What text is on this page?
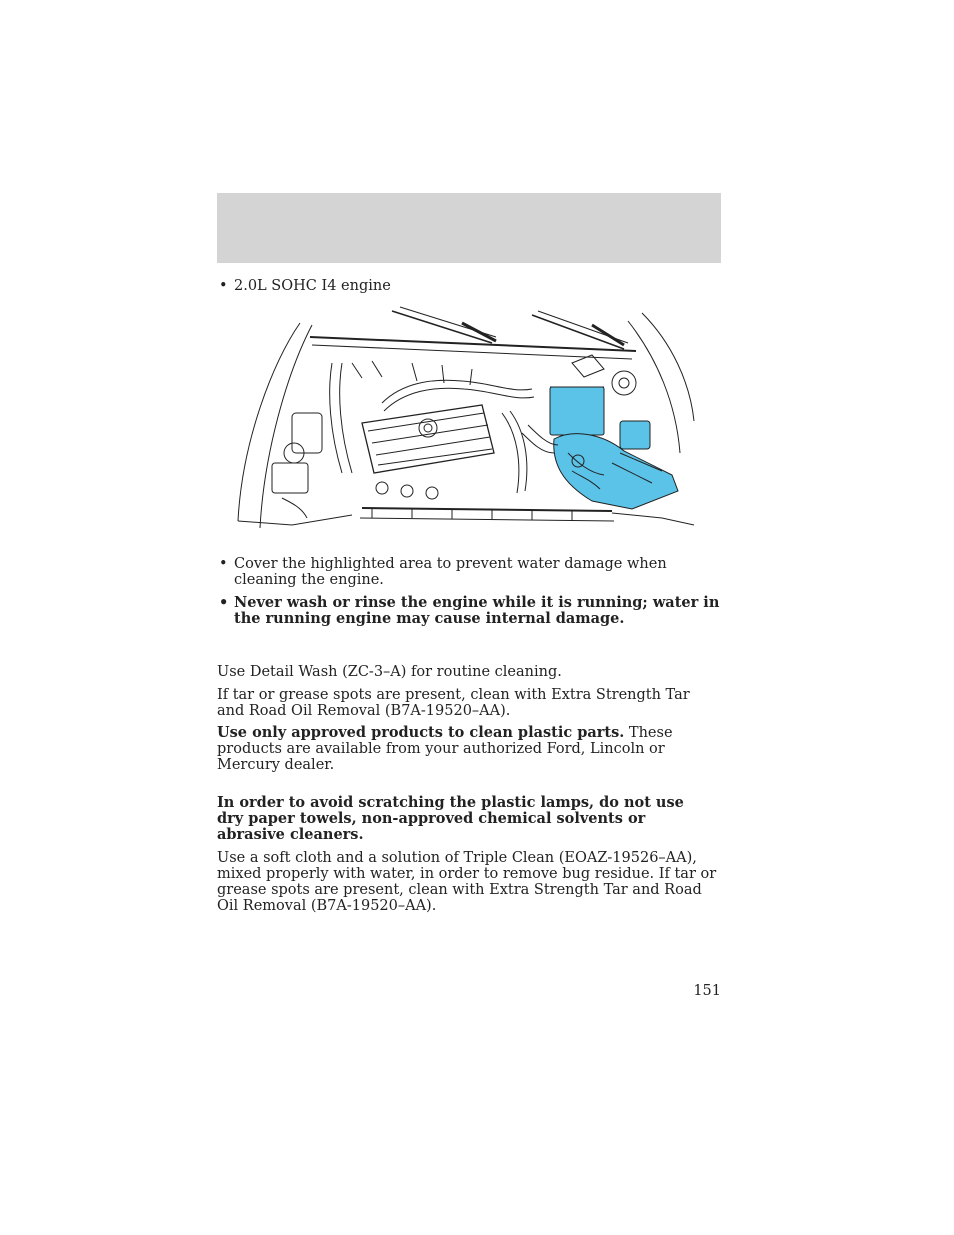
• 2.0L SOHC I4 engine
• Cover the highlighted area to prevent water damage when cleaning the engine.
• Never wash or rinse the engine while it is running; water in the running engine may cause internal damage.
Use Detail Wash (ZC-3–A) for routine cleaning.
If tar or grease spots are present, clean with Extra Strength Tar and Road Oil Removal (B7A-19520–AA).
Use only approved products to clean plastic parts. These products are available from your authorized Ford, Lincoln or Mercury dealer.
In order to avoid scratching the plastic lamps, do not use dry paper towels, non-approved chemical solvents or abrasive cleaners.
Use a soft cloth and a solution of Triple Clean (EOAZ-19526–AA), mixed properly with water, in order to remove bug residue. If tar or grease spots are present, clean with Extra Strength Tar and Road Oil Removal (B7A-19520–AA).
151
